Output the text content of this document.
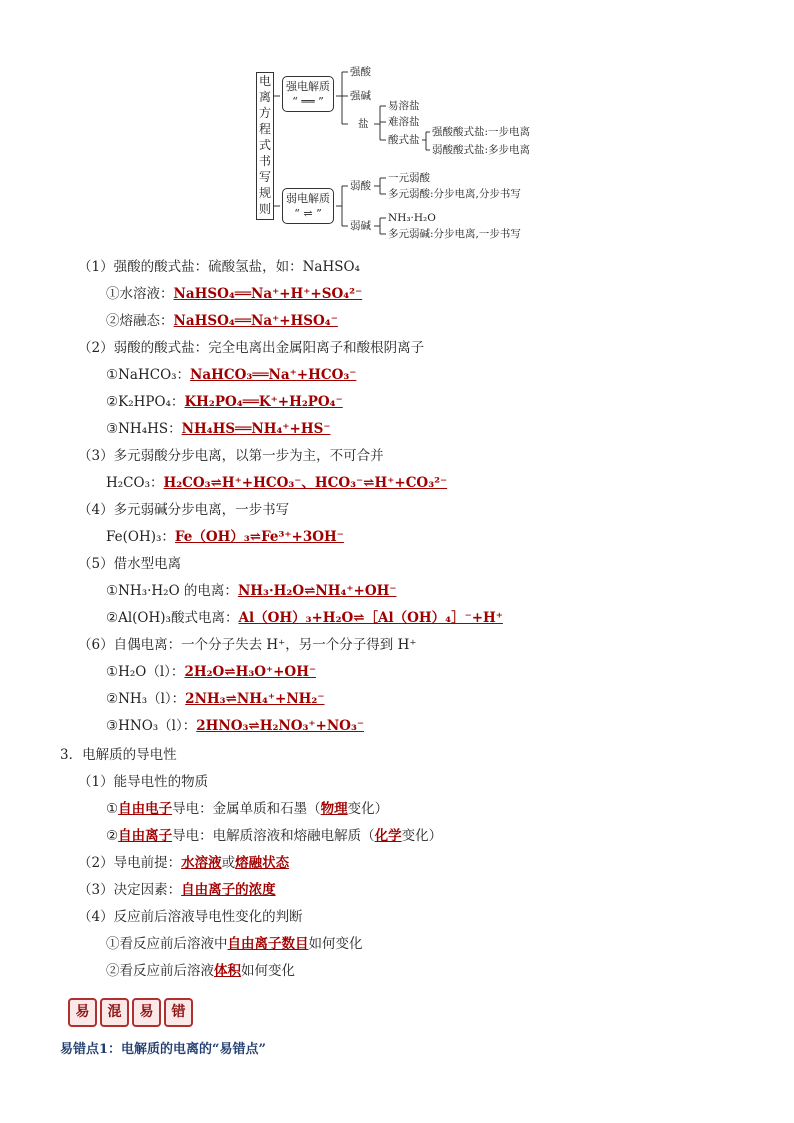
电
离
方
程
式
书
写
规
则
强电解质
“ ══ ”
弱电解质
“ ⇌ ”
强酸
强碱
盐
易溶盐
难溶盐
酸式盐
强酸酸式盐:一步电离
弱酸酸式盐:多步电离
弱酸
弱碱
一元弱酸
多元弱酸:分步电离,分步书写
NH₃·H₂O
多元弱碱:分步电离,一步书写
（1）强酸的酸式盐：硫酸氢盐，如：NaHSO₄
①水溶液：NaHSO₄══Na⁺+H⁺+SO₄²⁻
②熔融态：NaHSO₄══Na⁺+HSO₄⁻
（2）弱酸的酸式盐：完全电离出金属阳离子和酸根阴离子
①NaHCO₃：NaHCO₃══Na⁺+HCO₃⁻
②K₂HPO₄：KH₂PO₄══K⁺+H₂PO₄⁻
③NH₄HS：NH₄HS══NH₄⁺+HS⁻
（3）多元弱酸分步电离，以第一步为主，不可合并
H₂CO₃：H₂CO₃⇌H⁺+HCO₃⁻、HCO₃⁻⇌H⁺+CO₃²⁻
（4）多元弱碱分步电离，一步书写
Fe(OH)₃：Fe（OH）₃⇌Fe³⁺+3OH⁻
（5）借水型电离
①NH₃·H₂O 的电离：NH₃·H₂O⇌NH₄⁺+OH⁻
②Al(OH)₃酸式电离：Al（OH）₃+H₂O⇌［Al（OH）₄］⁻+H⁺
（6）自偶电离：一个分子失去 H⁺，另一个分子得到 H⁺
①H₂O（l）：2H₂O⇌H₃O⁺+OH⁻
②NH₃（l）：2NH₃⇌NH₄⁺+NH₂⁻
③HNO₃（l）：2HNO₃⇌H₂NO₃⁺+NO₃⁻
3．电解质的导电性
（1）能导电性的物质
①自由电子导电：金属单质和石墨（物理变化）
②自由离子导电：电解质溶液和熔融电解质（化学变化）
（2）导电前提：水溶液或熔融状态
（3）决定因素：自由离子的浓度
（4）反应前后溶液导电性变化的判断
①看反应前后溶液中自由离子数目如何变化
②看反应前后溶液体积如何变化
易 混 易 错
易错点1：电解质的电离的“易错点”
